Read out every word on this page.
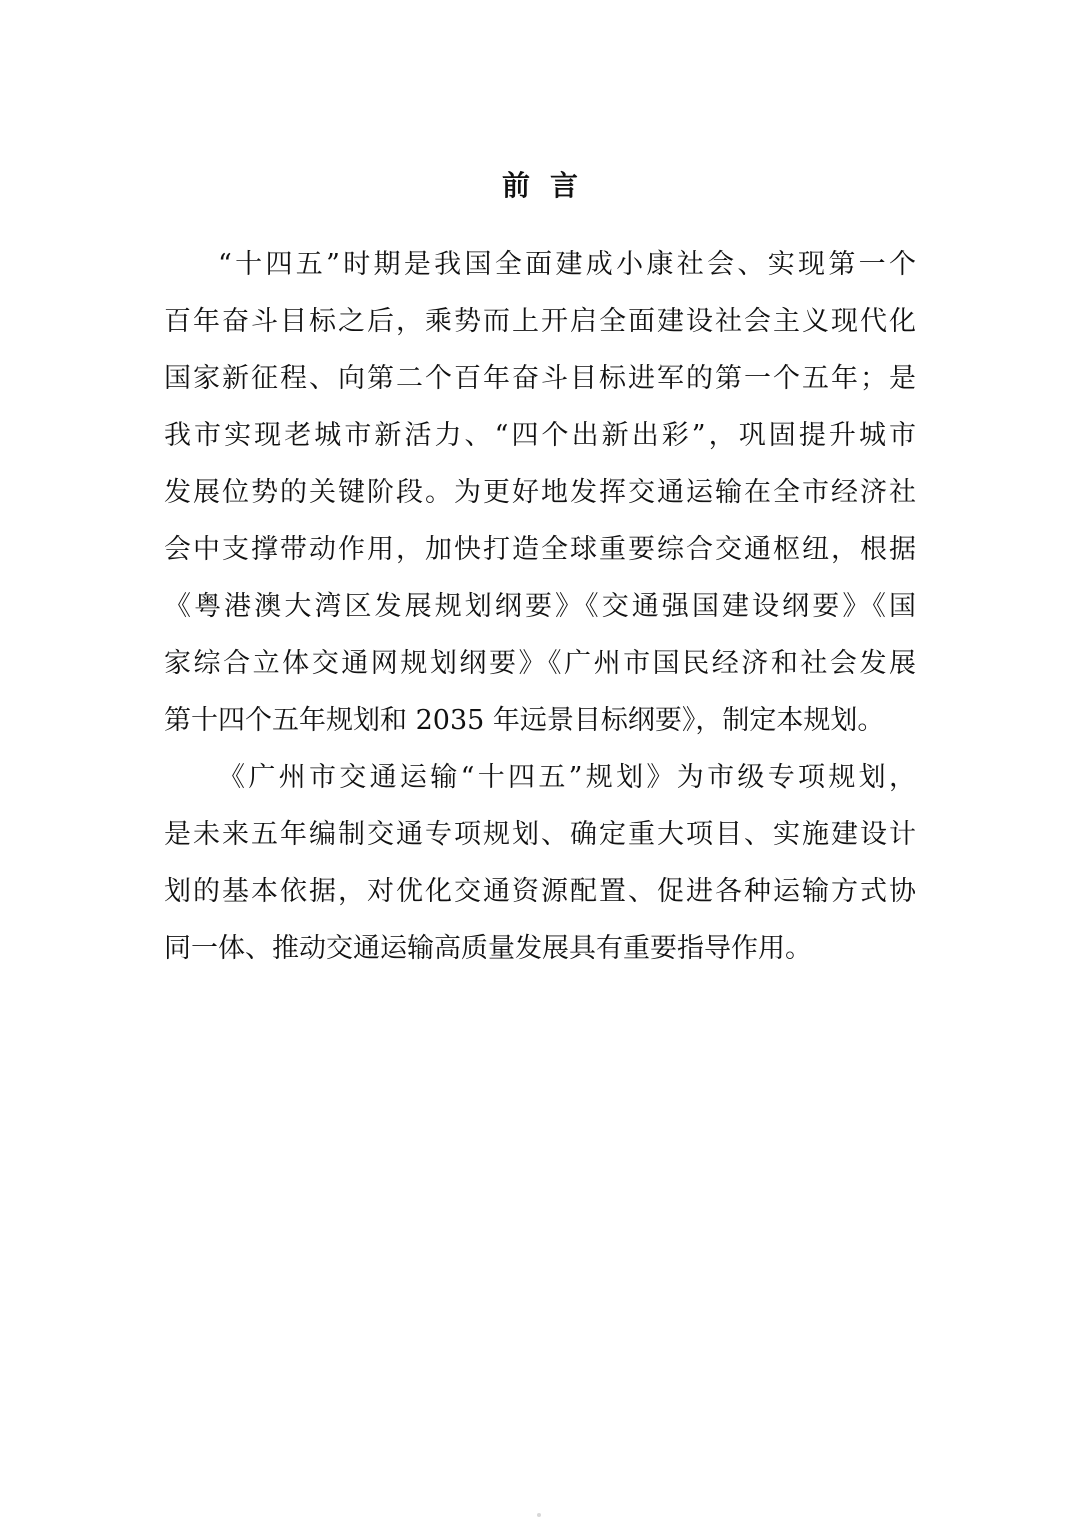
前言
“十四五”时期是我国全面建成小康社会、实现第一个
百年奋斗目标之后，乘势而上开启全面建设社会主义现代化
国家新征程、向第二个百年奋斗目标进军的第一个五年；是
我市实现老城市新活力、“四个出新出彩”，巩固提升城市
发展位势的关键阶段。为更好地发挥交通运输在全市经济社
会中支撑带动作用，加快打造全球重要综合交通枢纽，根据
《粤港澳大湾区发展规划纲要》《交通强国建设纲要》《国
家综合立体交通网规划纲要》《广州市国民经济和社会发展
第十四个五年规划和 2035 年远景目标纲要》，制定本规划。
《广州市交通运输“十四五”规划》为市级专项规划，
是未来五年编制交通专项规划、确定重大项目、实施建设计
划的基本依据，对优化交通资源配置、促进各种运输方式协
同一体、推动交通运输高质量发展具有重要指导作用。
